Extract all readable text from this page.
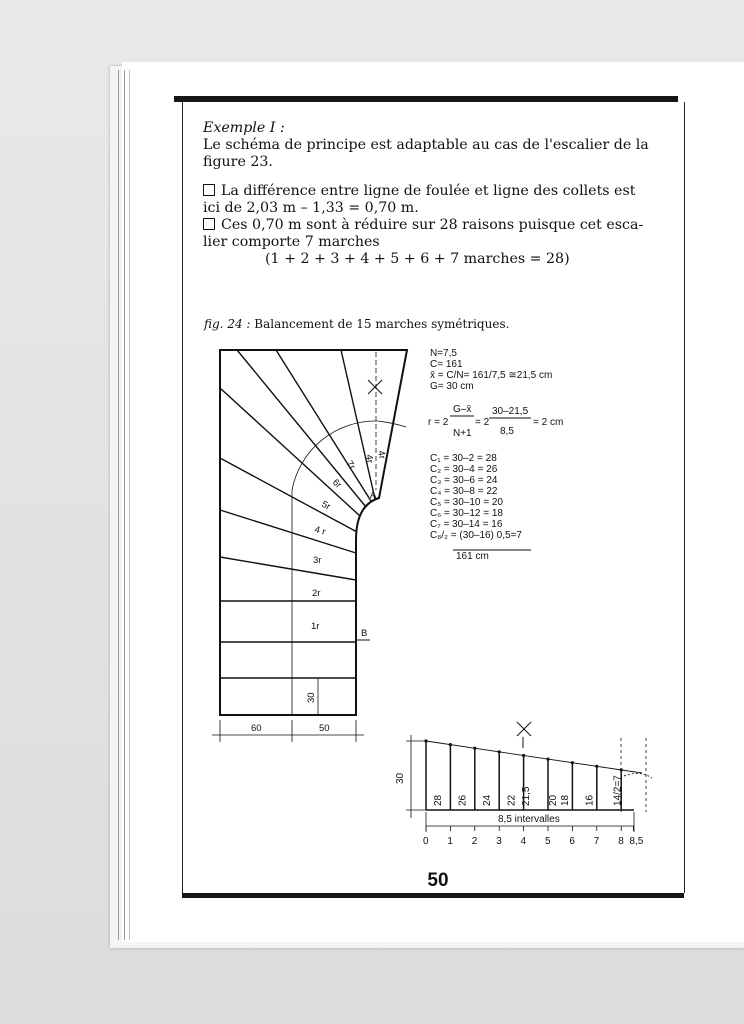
Exemple I :
Le schéma de principe est adaptable au cas de l'escalier de la
figure 23.
La différence entre ligne de foulée et ligne des collets est
ici de 2,03 m – 1,33 = 0,70 m.
Ces 0,70 m sont à réduire sur 28 raisons puisque cet esca-
lier comporte 7 marches
(1 + 2 + 3 + 4 + 5 + 6 + 7 marches = 28)
fig. 24 : Balancement de 15 marches symétriques.
N=7,5
C= 161
x̄ = C/N= 161/7,5 ≅21,5 cm
G= 30 cm
r = 2
G–x̄
N+1
= 2
30–21,5
8,5
= 2 cm
C₁ = 30–2 = 28
C₂ = 30–4 = 26
C₃ = 30–6 = 24
C₄ = 30–8 = 22
C₅ = 30–10 = 20
C₆ = 30–12 = 18
C₇ = 30–14 = 16
C₈/₂ = (30–16) 0,5=7
161 cm
1r
2r
3r
4 r
5r
6r
7r
4r
4r
A
B
60	50
30
28 26 24 22 21,5 20 18 16 14/2=7
0 1 2 3 4 5 6 7 8 8,5
30
8,5 intervalles
50
